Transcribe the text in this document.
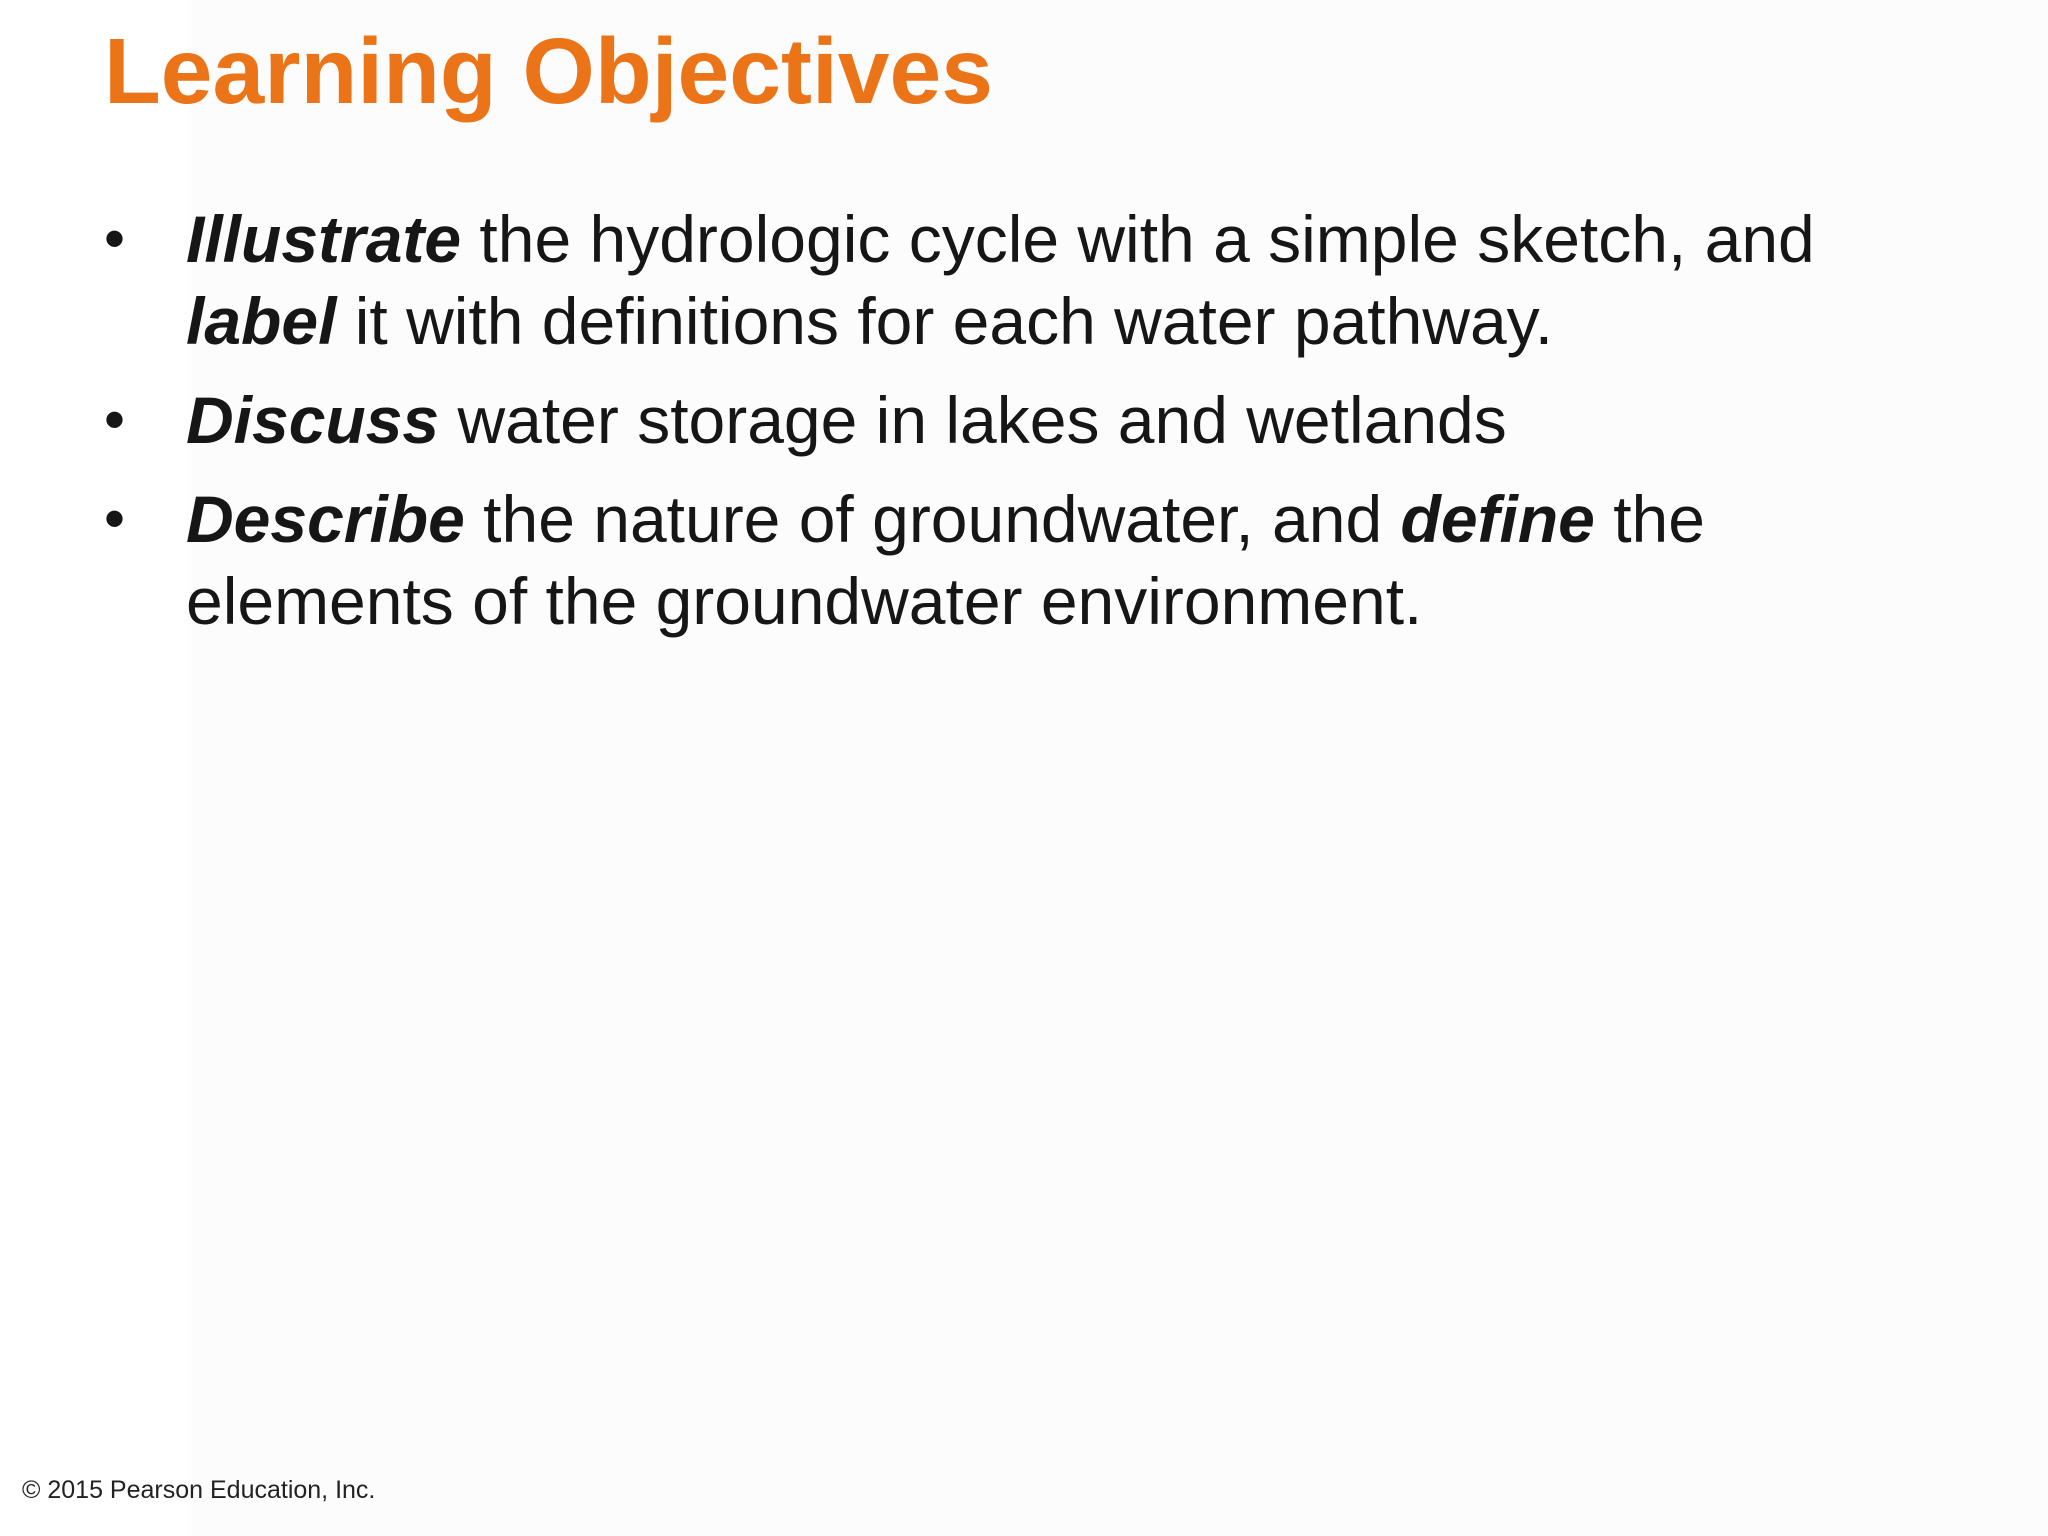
Learning Objectives
• Illustrate the hydrologic cycle with a simple sketch, and
label it with definitions for each water pathway.
• Discuss water storage in lakes and wetlands
• Describe the nature of groundwater, and define the elements of the groundwater environment.
© 2015 Pearson Education, Inc.
